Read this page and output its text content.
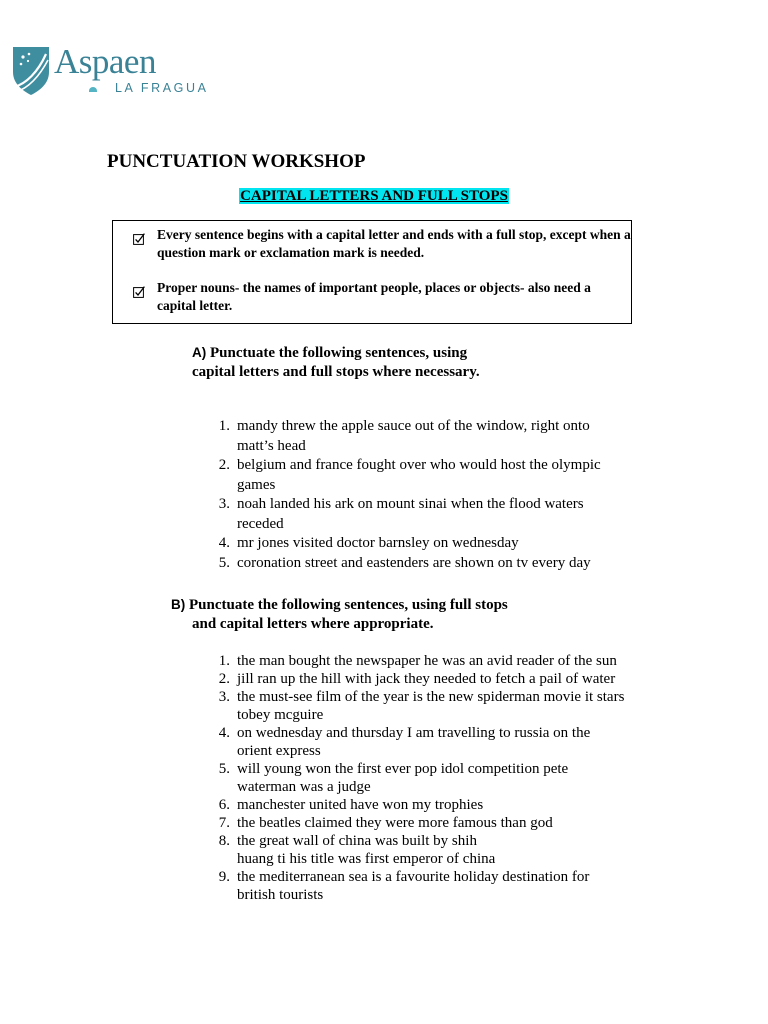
Aspaen
LA FRAGUA
PUNCTUATION WORKSHOP
CAPITAL LETTERS AND FULL STOPS
Every sentence begins with a capital letter and ends with a full stop, except when a question mark or exclamation mark is needed.
Proper nouns- the names of important people, places or objects- also need a capital letter.
A) Punctuate the following sentences, using
capital letters and full stops where necessary.
1. mandy threw the apple sauce out of the window, right onto
matt’s head
2. belgium and france fought over who would host the olympic
games
3. noah landed his ark on mount sinai when the flood waters
receded
4. mr jones visited doctor barnsley on wednesday
5. coronation street and eastenders are shown on tv every day
B) Punctuate the following sentences, using full stops
and capital letters where appropriate.
1. the man bought the newspaper he was an avid reader of the sun
2. jill ran up the hill with jack they needed to fetch a pail of water
3. the must-see film of the year is the new spiderman movie it stars
tobey mcguire
4. on wednesday and thursday I am travelling to russia on the
orient express
5. will young won the first ever pop idol competition pete
waterman was a judge
6. manchester united have won my trophies
7. the beatles claimed they were more famous than god
8. the great wall of china was built by shih
huang ti his title was first emperor of china
9. the mediterranean sea is a favourite holiday destination for
british tourists
